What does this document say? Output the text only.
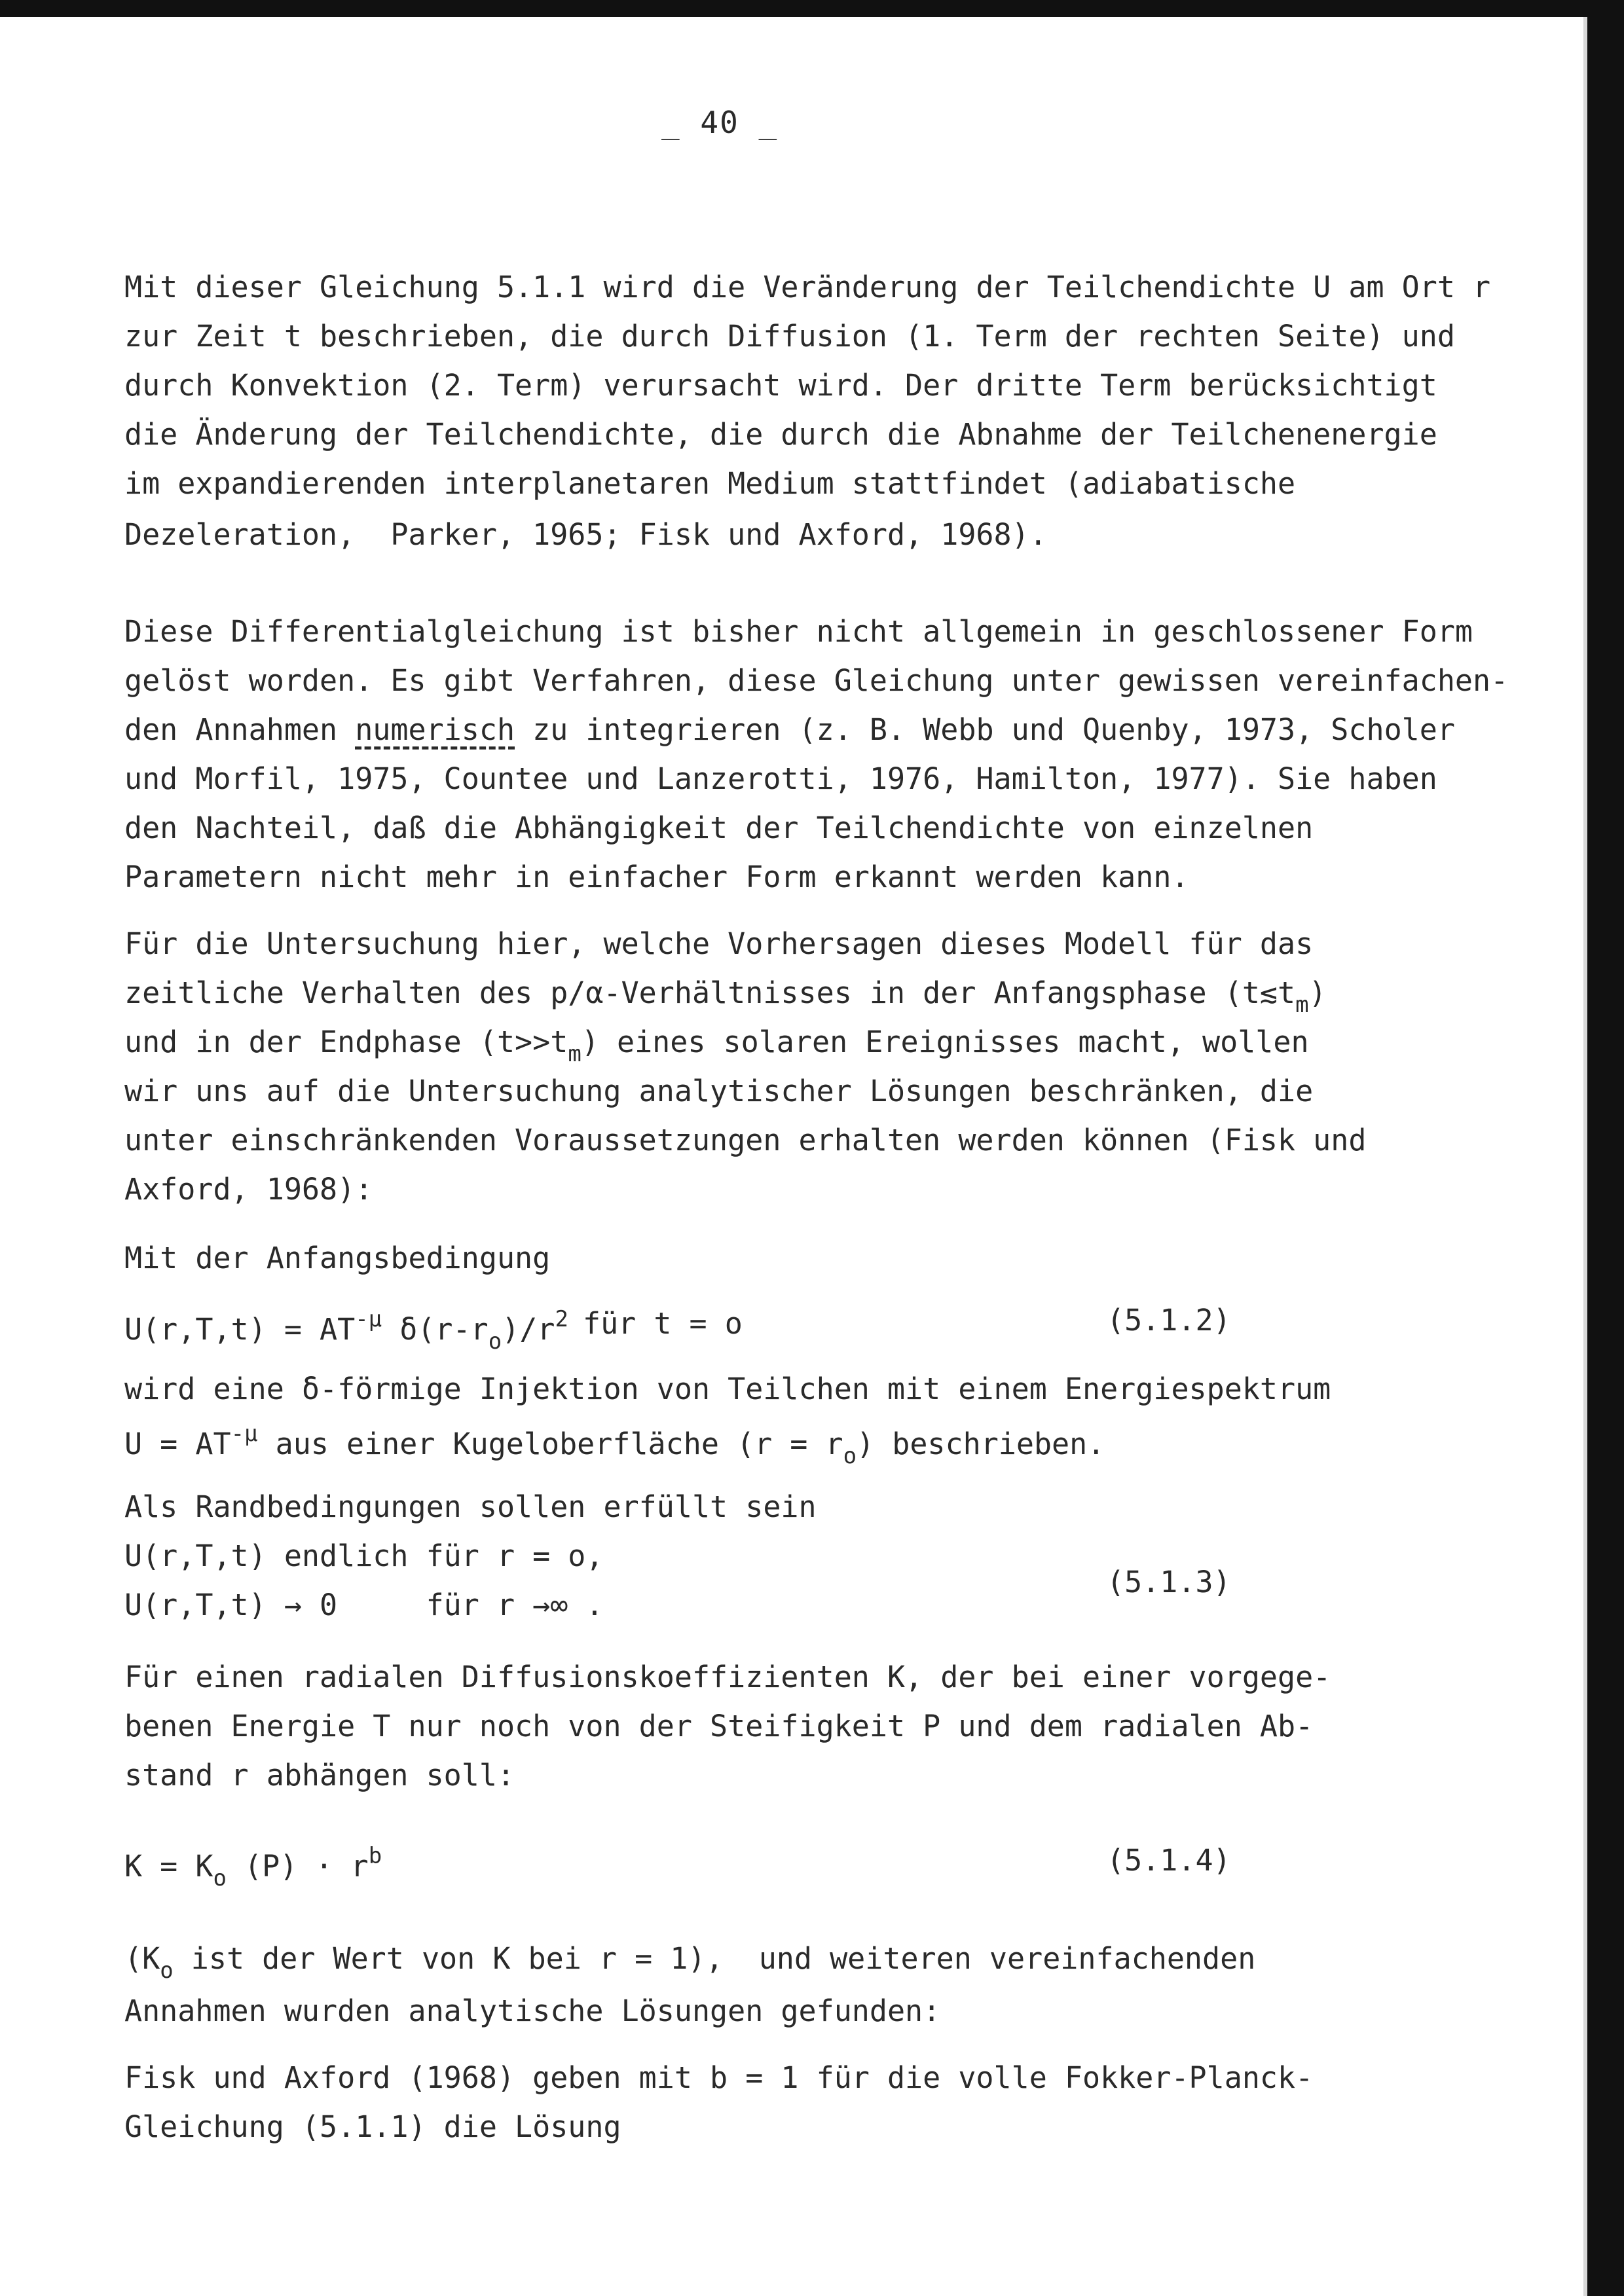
_ 40 _
Mit dieser Gleichung 5.1.1 wird die Veränderung der Teilchendichte U am Ort r
zur Zeit t beschrieben, die durch Diffusion (1. Term der rechten Seite) und
durch Konvektion (2. Term) verursacht wird. Der dritte Term berücksichtigt
die Änderung der Teilchendichte, die durch die Abnahme der Teilchenenergie
im expandierenden interplanetaren Medium stattfindet (adiabatische
Dezeleration,  Parker, 1965; Fisk und Axford, 1968).
Diese Differentialgleichung ist bisher nicht allgemein in geschlossener Form
gelöst worden. Es gibt Verfahren, diese Gleichung unter gewissen vereinfachen-
den Annahmen numerisch zu integrieren (z. B. Webb und Quenby, 1973, Scholer
und Morfil, 1975, Countee und Lanzerotti, 1976, Hamilton, 1977). Sie haben
den Nachteil, daß die Abhängigkeit der Teilchendichte von einzelnen
Parametern nicht mehr in einfacher Form erkannt werden kann.
Für die Untersuchung hier, welche Vorhersagen dieses Modell für das
zeitliche Verhalten des p/α-Verhältnisses in der Anfangsphase $(t≲t_m)$
und in der Endphase $(t>>t_m)$ eines solaren Ereignisses macht, wollen
wir uns auf die Untersuchung analytischer Lösungen beschränken, die
unter einschränkenden Voraussetzungen erhalten werden können (Fisk und
Axford, 1968):
Mit der Anfangsbedingung
$U(r,T,t) = AT^{-\mu}$ $\delta(r-r_o)/r^2$ für t = o	(5.1.2)
wird eine δ-förmige Injektion von Teilchen mit einem Energiespektrum
$U = AT^{-\mu}$ aus einer Kugeloberfläche $(r = r_o)$ beschrieben.
Als Randbedingungen sollen erfüllt sein
U(r,T,t) endlich für r = o,
U(r,T,t) → 0     für r →∞ .
(5.1.3)
Für einen radialen Diffusionskoeffizienten K, der bei einer vorgege-
benen Energie T nur noch von der Steifigkeit P und dem radialen Ab-
stand r abhängen soll:
$K = K_o$ $(P) \cdot r^b$	(5.1.4)
($K_o$ ist der Wert von K bei r = 1),  und weiteren vereinfachenden
Annahmen wurden analytische Lösungen gefunden:
Fisk und Axford (1968) geben mit b = 1 für die volle Fokker-Planck-
Gleichung (5.1.1) die Lösung
